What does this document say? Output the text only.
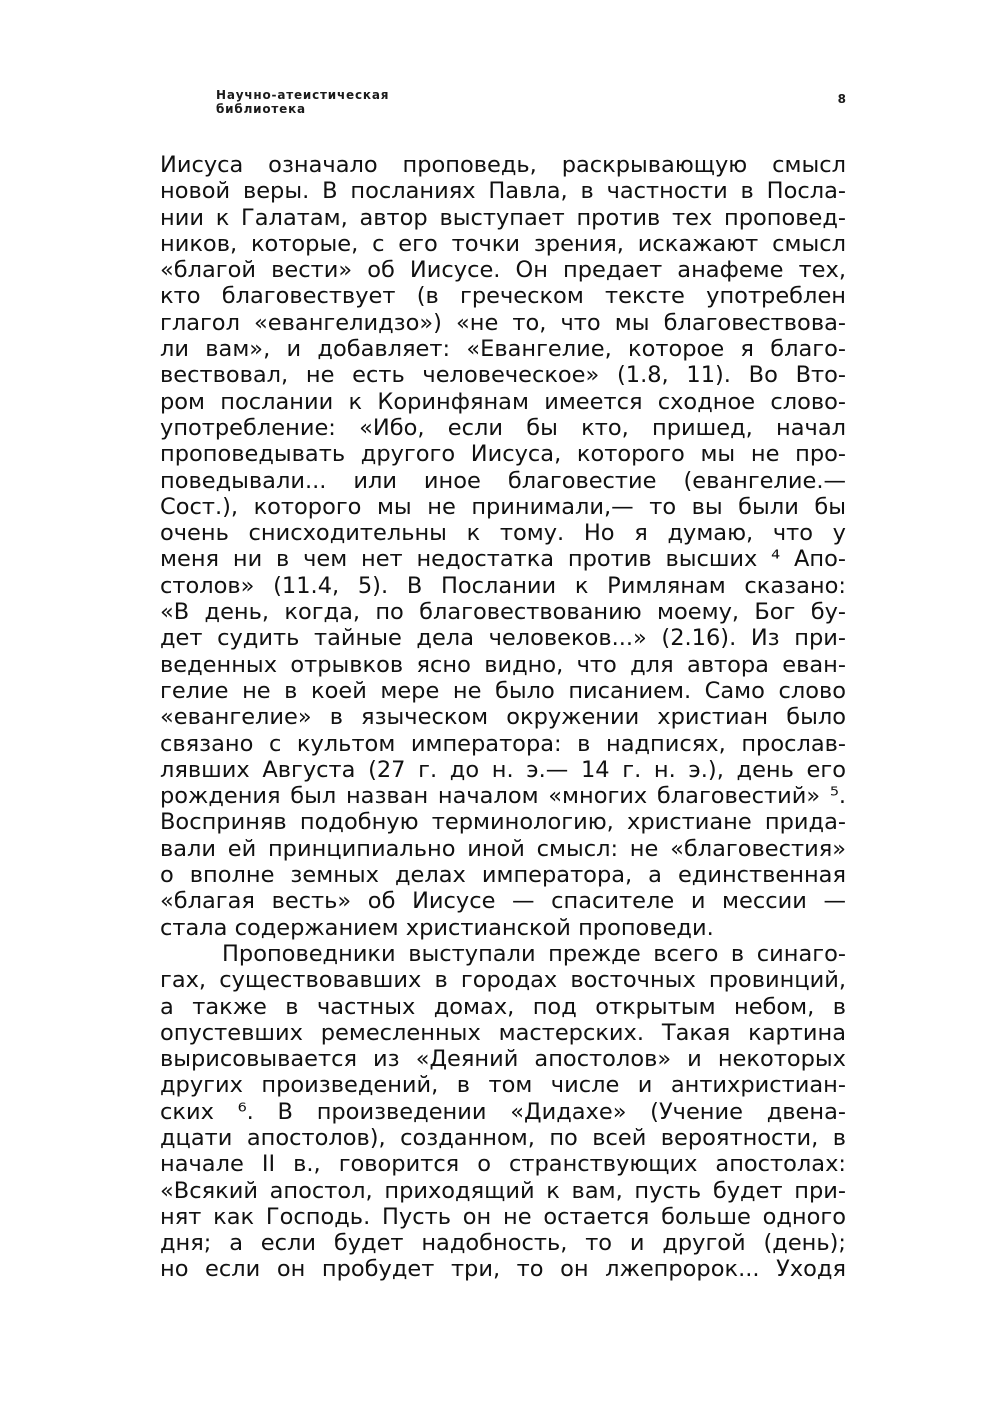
Научно-атеистическая
библиотека
8
Иисуса означало проповедь, раскрывающую смысл
новой веры. В посланиях Павла, в частности в Посла-
нии к Галатам, автор выступает против тех проповед-
ников, которые, с его точки зрения, искажают смысл
«благой вести» об Иисусе. Он предает анафеме тех,
кто благовествует (в греческом тексте употреблен
глагол «евангелидзо») «не то, что мы благовествова-
ли вам», и добавляет: «Евангелие, которое я благо-
вествовал, не есть человеческое» (1.8, 11). Во Вто-
ром послании к Коринфянам имеется сходное слово-
употребление: «Ибо, если бы кто, пришед, начал
проповедывать другого Иисуса, которого мы не про-
поведывали... или иное благовестие (евангелие.—
Сост.), которого мы не принимали,— то вы были бы
очень снисходительны к тому. Но я думаю, что у
меня ни в чем нет недостатка против высших ⁴ Апо-
столов» (11.4, 5). В Послании к Римлянам сказано:
«В день, когда, по благовествованию моему, Бог бу-
дет судить тайные дела человеков...» (2.16). Из при-
веденных отрывков ясно видно, что для автора еван-
гелие не в коей мере не было писанием. Само слово
«евангелие» в языческом окружении христиан было
связано с культом императора: в надписях, прослав-
лявших Августа (27 г. до н. э.— 14 г. н. э.), день его
рождения был назван началом «многих благовестий» ⁵.
Восприняв подобную терминологию, христиане прида-
вали ей принципиально иной смысл: не «благовестия»
о вполне земных делах императора, а единственная
«благая весть» об Иисусе — спасителе и мессии —
стала содержанием христианской проповеди.
Проповедники выступали прежде всего в синаго-
гах, существовавших в городах восточных провинций,
а также в частных домах, под открытым небом, в
опустевших ремесленных мастерских. Такая картина
вырисовывается из «Деяний апостолов» и некоторых
других произведений, в том числе и антихристиан-
ских ⁶. В произведении «Дидахе» (Учение двена-
дцати апостолов), созданном, по всей вероятности, в
начале II в., говорится о странствующих апостолах:
«Всякий апостол, приходящий к вам, пусть будет при-
нят как Господь. Пусть он не остается больше одного
дня; а если будет надобность, то и другой (день);
но если он пробудет три, то он лжепророк... Уходя
